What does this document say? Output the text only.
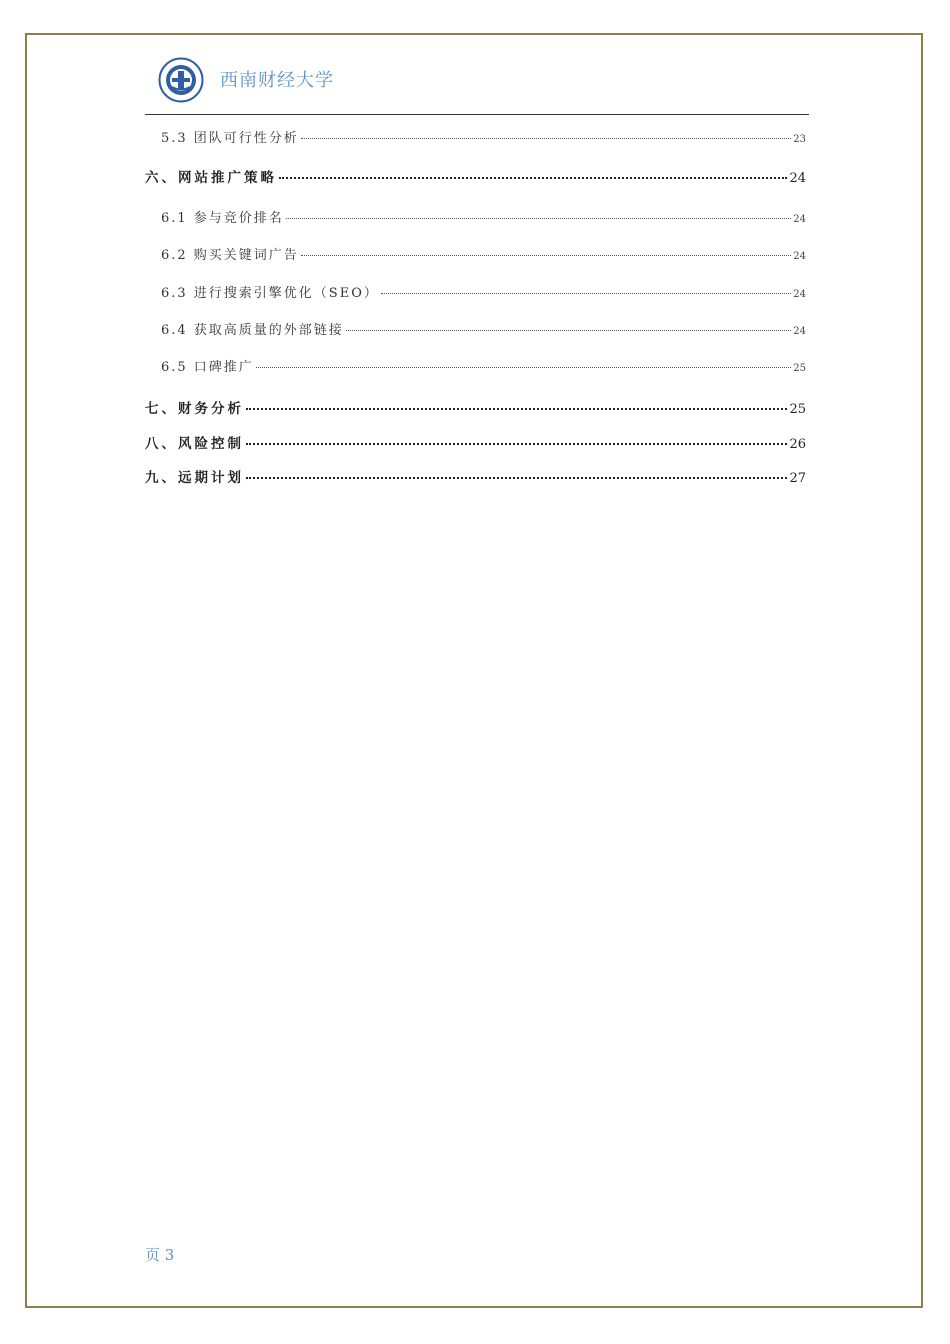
西南财经大学
5.3 团队可行性分析	23
六、网站推广策略	24
6.1 参与竞价排名	24
6.2 购买关键词广告	24
6.3 进行搜索引擎优化（SEO）	24
6.4 获取高质量的外部链接	24
6.5 口碑推广	25
七、财务分析	25
八、风险控制	26
九、远期计划	27
页 3
